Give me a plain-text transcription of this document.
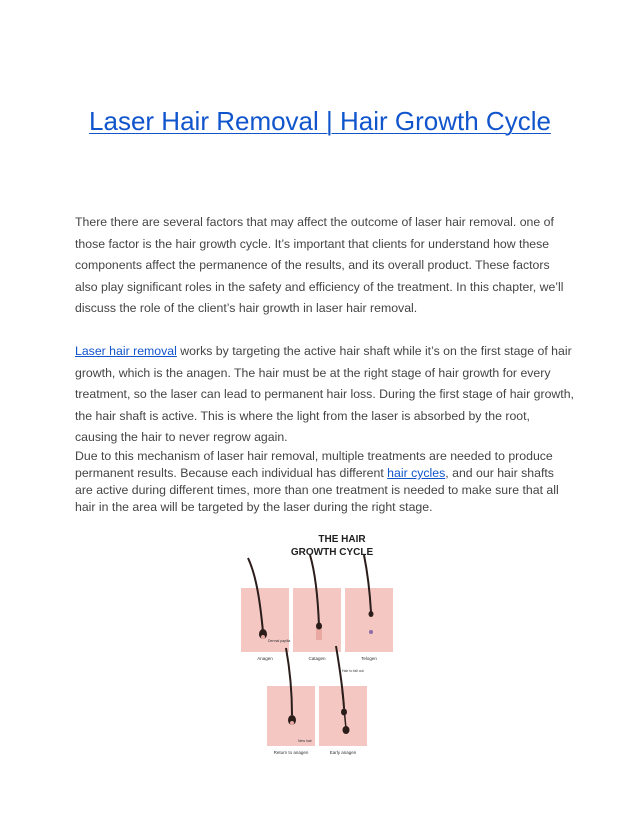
Laser Hair Removal | Hair Growth Cycle

There there are several factors that may affect the outcome of laser hair removal. one of those factor is the hair growth cycle. It’s important that clients for understand how these components affect the permanence of the results, and its overall product. These factors also play significant roles in the safety and efficiency of the treatment. In this chapter, we’ll discuss the role of the client’s hair growth in laser hair removal.

Laser hair removal works by targeting the active hair shaft while it’s on the first stage of hair growth, which is the anagen. The hair must be at the right stage of hair growth for every treatment, so the laser can lead to permanent hair loss. During the first stage of hair growth, the hair shaft is active. This is where the light from the laser is absorbed by the root, causing the hair to never regrow again.

Due to this mechanism of laser hair removal, multiple treatments are needed to produce permanent results. Because each individual has different hair cycles, and our hair shafts are active during different times, more than one treatment is needed to make sure that all hair in the area will be targeted by the laser during the right stage.

THE HAIR
GROWTH CYCLE
Dermal papilla
Anagen	Catagen	Telogen
New hair
Return to anagen
Hair to fall out
Early anagen
